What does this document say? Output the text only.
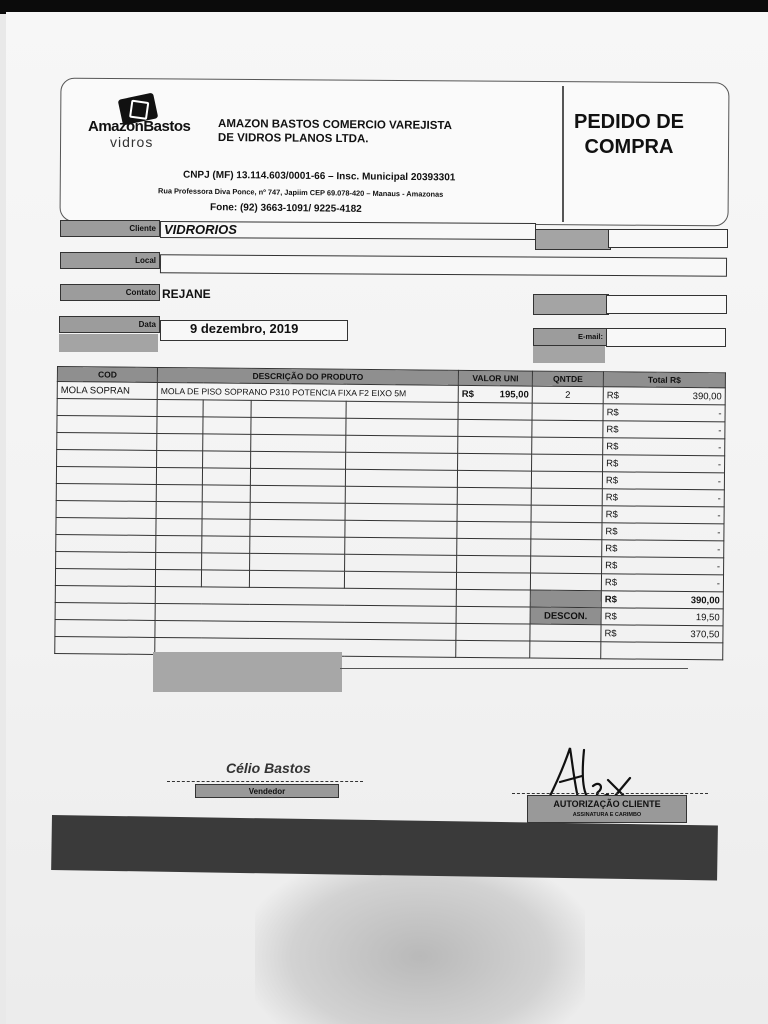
AmazonBastos
vidros
AMAZON BASTOS COMERCIO VAREJISTA
DE VIDROS PLANOS LTDA.
CNPJ (MF) 13.114.603/0001-66 – Insc. Municipal 20393301
Rua Professora Diva Ponce, nº 747, Japiim CEP 69.078-420 – Manaus - Amazonas
Fone: (92) 3663-1091/ 9225-4182
PEDIDO DE
COMPRA
Cliente VIDRORIOS
Local
Contato REJANE
Data	9 dezembro, 2019
E-mail:
COD	DESCRIÇÃO DO PRODUTO				VALOR UNI	QNTDE	Total R$
MOLA SOPRAN	MOLA DE PISO SOPRANO P310 POTENCIA FIXA F2 EIXO 5M				R$ 195,00	2	R$ 390,00

							R$ -

							R$ -

							R$ -

							R$ -

							R$ -

							R$ -

							R$ -

							R$ -

							R$ -

							R$ -

							R$ -

							R$ 390,00

						DESCON.	R$ 19,50

							R$ 370,50

Célio Bastos
Vendedor
AUTORIZAÇÃO CLIENTE
ASSINATURA E CARIMBO
